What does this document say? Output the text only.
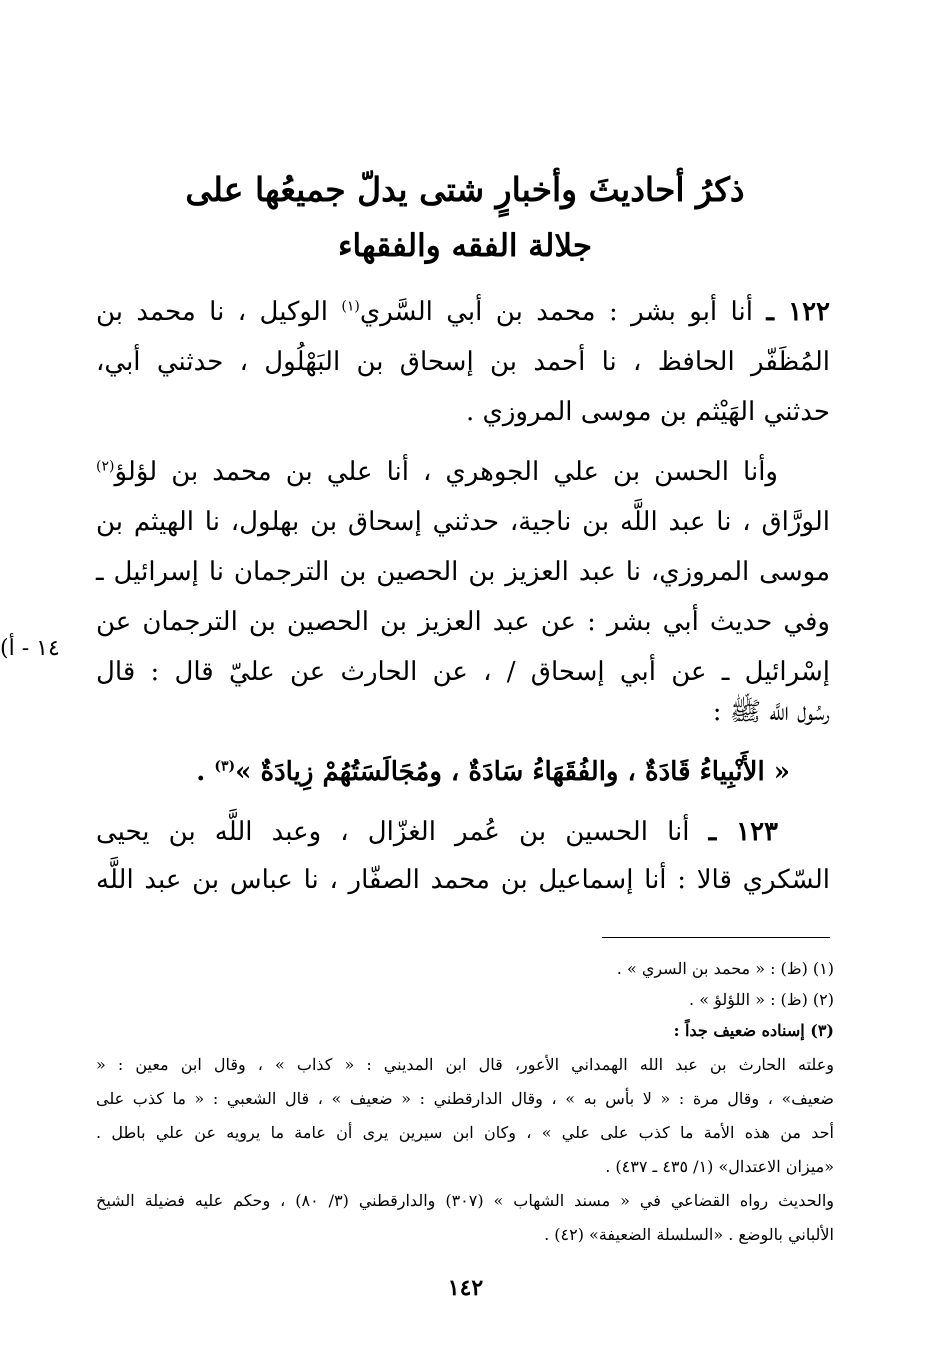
ذكرُ أحاديثَ وأخبارٍ شتى يدلّ جميعُها على
جلالة الفقه والفقهاء
١٢٢ ـ أنا أبو بشر : محمد بن أبي السَّري$^{(١)}$ الوكيل ، نا محمد بن
المُظَفّر الحافظ ، نا أحمد بن إسحاق بن البَهْلُول ، حدثني أبي،
حدثني الهَيْثم بن موسى المروزي .
وأنا الحسن بن علي الجوهري ، أنا علي بن محمد بن لؤلؤ$^{(٢)}$
الورَّاق ، نا عبد اللَّه بن ناجية، حدثني إسحاق بن بهلول، نا الهيثم بن
موسى المروزي، نا عبد العزيز بن الحصين بن الترجمان نا إسرائيل ـ
وفي حديث أبي بشر : عن عبد العزيز بن الحصين بن الترجمان عن
إسْرائيل ـ عن أبي إسحاق / ، عن الحارث عن عليّ قال : قال
رسُول اللَّه ﷺ :
« الأَنْبِياءُ قَادَةٌ ، والفُقَهَاءُ سَادَةٌ ، ومُجَالَسَتُهُمْ زِيادَةٌ »$^{(٣)}$ .
١٢٣ ـ أنا الحسين بن عُمر الغزّال ، وعبد اللَّه بن يحيى
السّكري قالا : أنا إسماعيل بن محمد الصفّار ، نا عباس بن عبد اللَّه
(١٤ - أ
(١) (ظ) : « محمد بن السري » .
(٢) (ظ) : « اللؤلؤ » .
(٣) إسناده ضعيف جداً :
وعلته الحارث بن عبد الله الهمداني الأعور، قال ابن المديني : « كذاب » ، وقال ابن معين : «
ضعيف» ، وقال مرة : « لا بأس به » ، وقال الدارقطني : « ضعيف » ، قال الشعبي : « ما كذب على
أحد من هذه الأمة ما كذب على علي » ، وكان ابن سيرين يرى أن عامة ما يرويه عن علي باطل .
«ميزان الاعتدال» (١/ ٤٣٥ ـ ٤٣٧) .
والحديث رواه القضاعي في « مسند الشهاب » (٣٠٧) والدارقطني (٣/ ٨٠) ، وحكم عليه فضيلة الشيخ
الألباني بالوضع . «السلسلة الضعيفة» (٤٢) .
١٤٢
